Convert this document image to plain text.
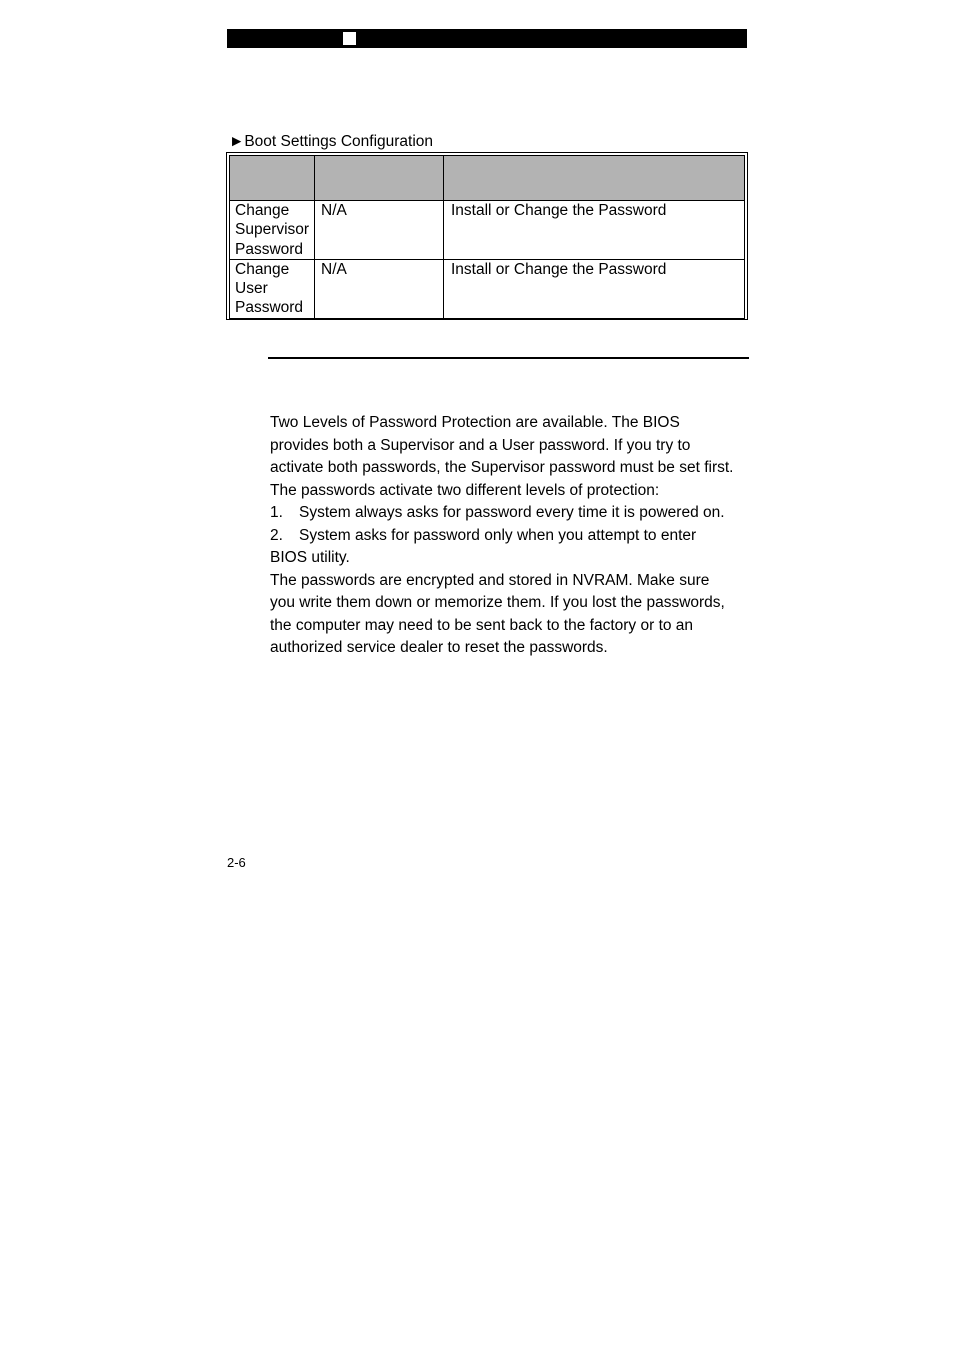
►Boot Settings Configuration

Change
Supervisor
Password	N/A	Install or Change the Password

Change
User
Password	N/A	Install or Change the Password

Two Levels of Password Protection are available. The BIOS

provides both a Supervisor and a User password. If you try to

activate both passwords, the Supervisor password must be set first.

The passwords activate two different levels of protection:

1. System always asks for password every time it is powered on.

2. System asks for password only when you attempt to enter

BIOS utility.

The passwords are encrypted and stored in NVRAM. Make sure

you write them down or memorize them. If you lost the passwords,

the computer may need to be sent back to the factory or to an

authorized service dealer to reset the passwords.

2-6
